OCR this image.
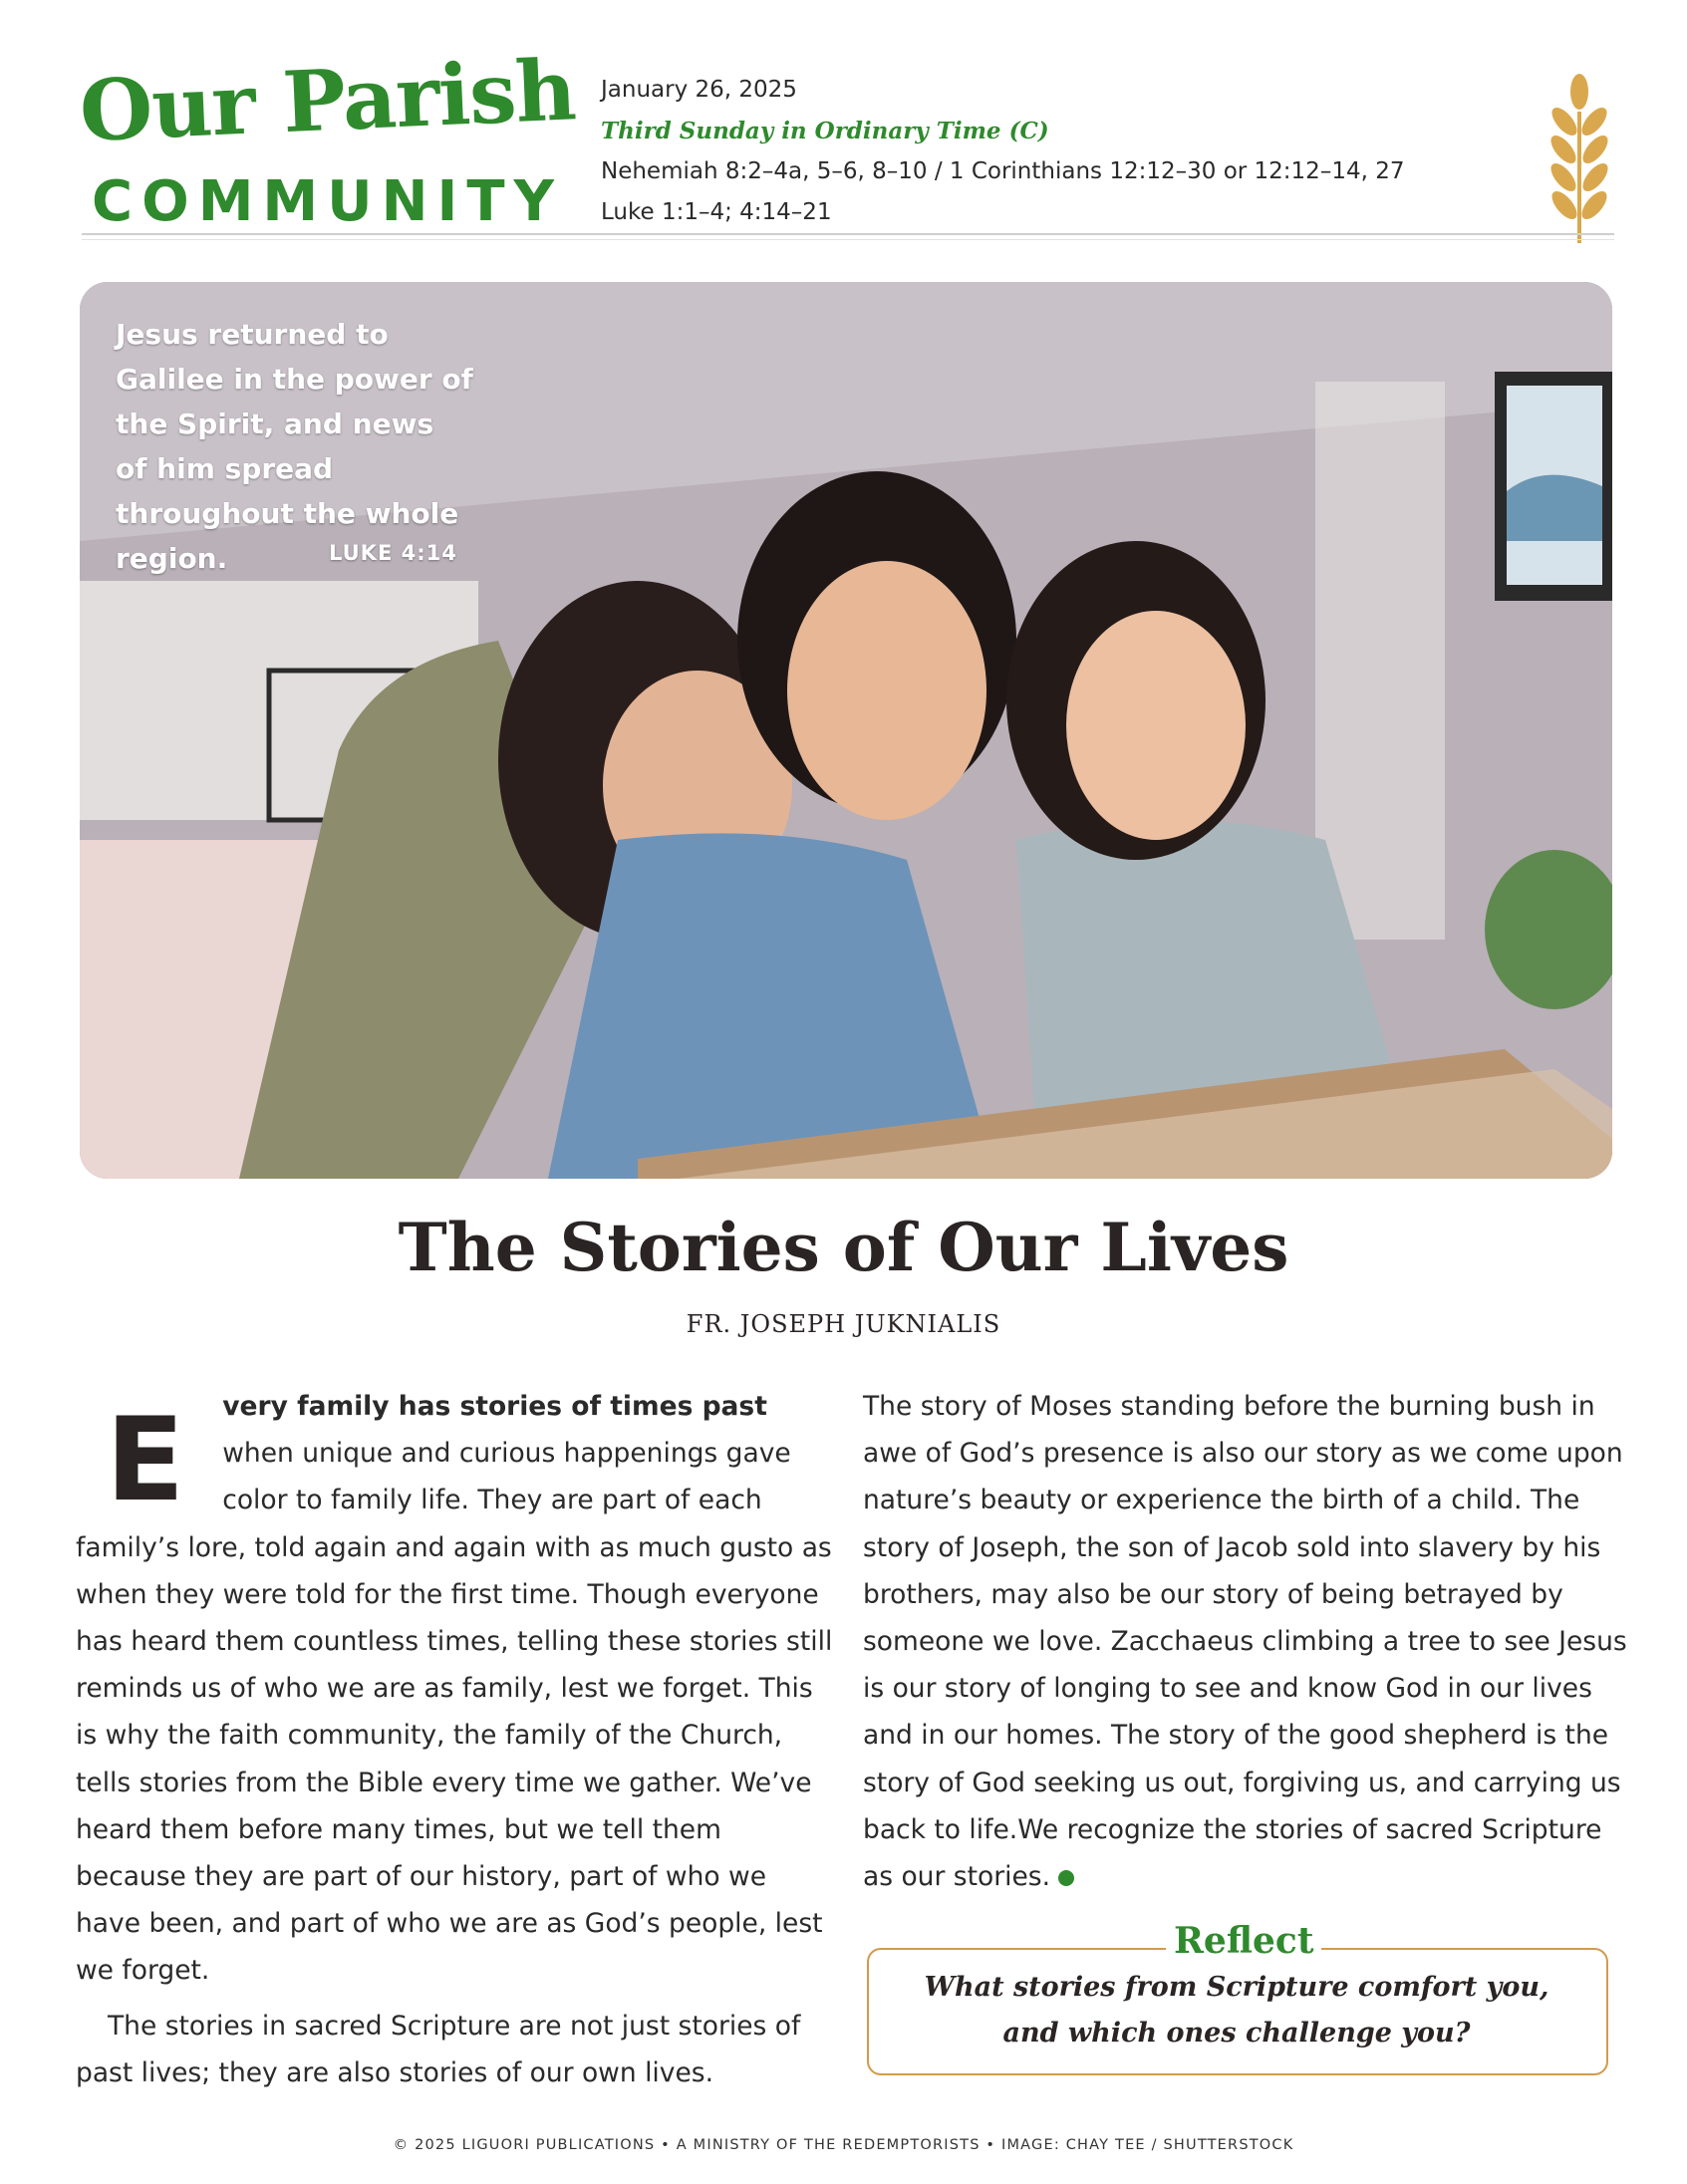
Our Parish
COMMUNITY
January 26, 2025
Third Sunday in Ordinary Time (C)
Nehemiah 8:2–4a, 5–6, 8–10 / 1 Corinthians 12:12–30 or 12:12–14, 27
Luke 1:1–4; 4:14–21
Jesus returned to Galilee in the power of the Spirit, and news of him spread throughout the whole region.	LUKE 4:14
The Stories of Our Lives
FR. JOSEPH JUKNIALIS

E very family has stories of times past when unique and curious happenings gave color to family life. They are part of each family’s lore, told again and again with as much gusto as when they were told for the first time. Though everyone has heard them countless times, telling these stories still reminds us of who we are as family, lest we forget. This is why the faith community, the family of the Church, tells stories from the Bible every time we gather. We’ve heard them before many times, but we tell them because they are part of our history, part of who we have been, and part of who we are as God’s people, lest we forget.

The stories in sacred Scripture are not just stories of past lives; they are also stories of our own lives.

The story of Moses standing before the burning bush in awe of God’s presence is also our story as we come upon nature’s beauty or experience the birth of a child. The story of Joseph, the son of Jacob sold into slavery by his brothers, may also be our story of being betrayed by someone we love. Zacchaeus climbing a tree to see Jesus is our story of longing to see and know God in our lives and in our homes. The story of the good shepherd is the story of God seeking us out, forgiving us, and carrying us back to life.We recognize the stories of sacred Scripture as our stories.

Reflect
What stories from Scripture comfort you,
and which ones challenge you?
© 2025 LIGUORI PUBLICATIONS • A MINISTRY OF THE REDEMPTORISTS • IMAGE: CHAY TEE / SHUTTERSTOCK
